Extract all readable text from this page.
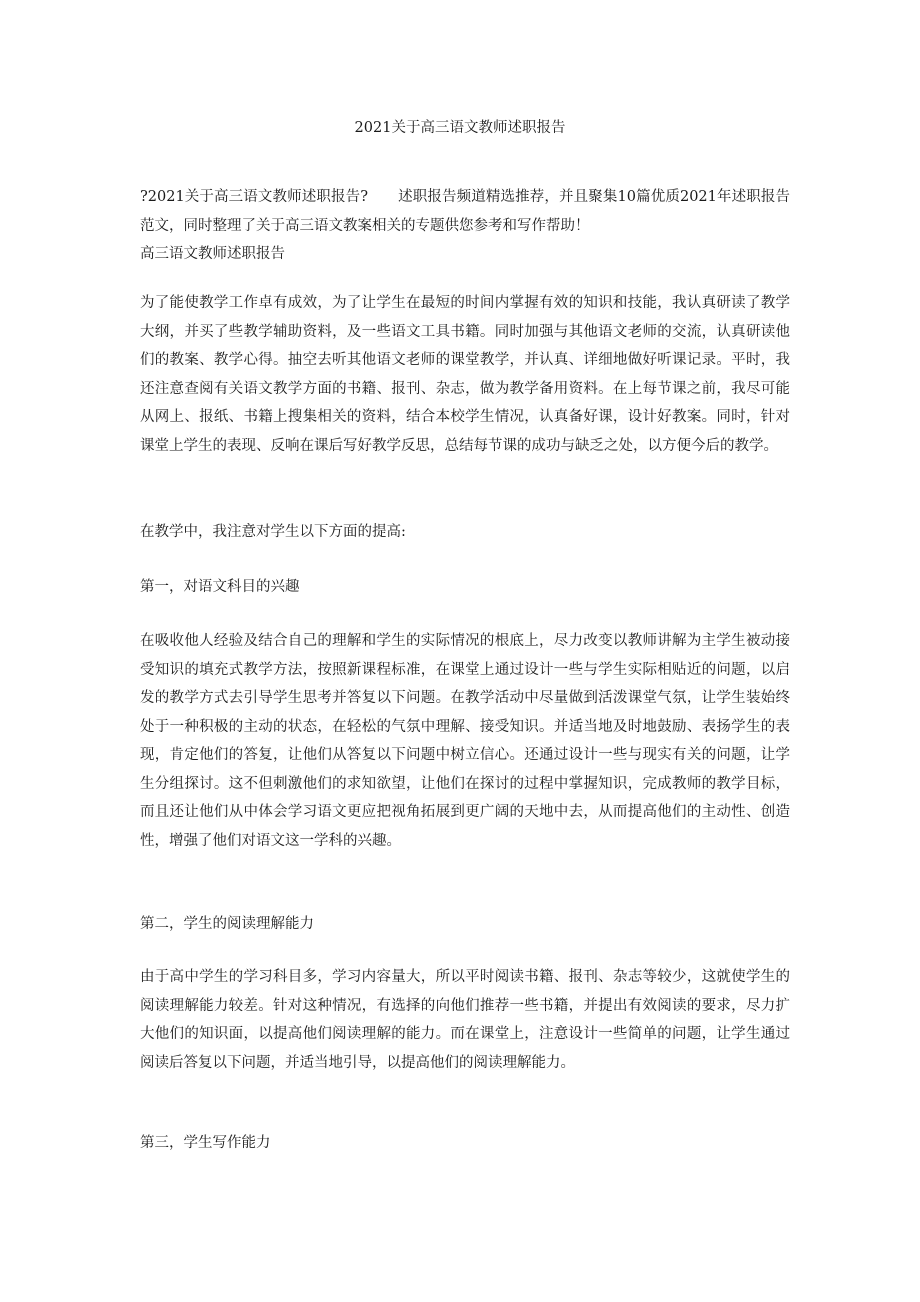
2021关于高三语文教师述职报告

?2021关于高三语文教师述职报告? 述职报告频道精选推荐，并且聚集10篇优质2021年述职报告范文，同时整理了关于高三语文教案相关的专题供您参考和写作帮助！

高三语文教师述职报告

为了能使教学工作卓有成效，为了让学生在最短的时间内掌握有效的知识和技能，我认真研读了教学大纲，并买了些教学辅助资料，及一些语文工具书籍。同时加强与其他语文老师的交流，认真研读他们的教案、教学心得。抽空去听其他语文老师的课堂教学，并认真、详细地做好听课记录。平时，我还注意查阅有关语文教学方面的书籍、报刊、杂志，做为教学备用资料。在上每节课之前，我尽可能从网上、报纸、书籍上搜集相关的资料，结合本校学生情况，认真备好课，设计好教案。同时，针对课堂上学生的表现、反响在课后写好教学反思，总结每节课的成功与缺乏之处，以方便今后的教学。

在教学中，我注意对学生以下方面的提高:

第一，对语文科目的兴趣

在吸收他人经验及结合自己的理解和学生的实际情况的根底上，尽力改变以教师讲解为主学生被动接受知识的填充式教学方法，按照新课程标准，在课堂上通过设计一些与学生实际相贴近的问题，以启发的教学方式去引导学生思考并答复以下问题。在教学活动中尽量做到活泼课堂气氛，让学生装始终处于一种积极的主动的状态，在轻松的气氛中理解、接受知识。并适当地及时地鼓励、表扬学生的表现，肯定他们的答复，让他们从答复以下问题中树立信心。还通过设计一些与现实有关的问题，让学生分组探讨。这不但刺激他们的求知欲望，让他们在探讨的过程中掌握知识，完成教师的教学目标，而且还让他们从中体会学习语文更应把视角拓展到更广阔的天地中去，从而提高他们的主动性、创造性，增强了他们对语文这一学科的兴趣。

第二，学生的阅读理解能力

由于高中学生的学习科目多，学习内容量大，所以平时阅读书籍、报刊、杂志等较少，这就使学生的阅读理解能力较差。针对这种情况，有选择的向他们推荐一些书籍，并提出有效阅读的要求，尽力扩大他们的知识面，以提高他们阅读理解的能力。而在课堂上，注意设计一些简单的问题，让学生通过阅读后答复以下问题，并适当地引导，以提高他们的阅读理解能力。

第三，学生写作能力
